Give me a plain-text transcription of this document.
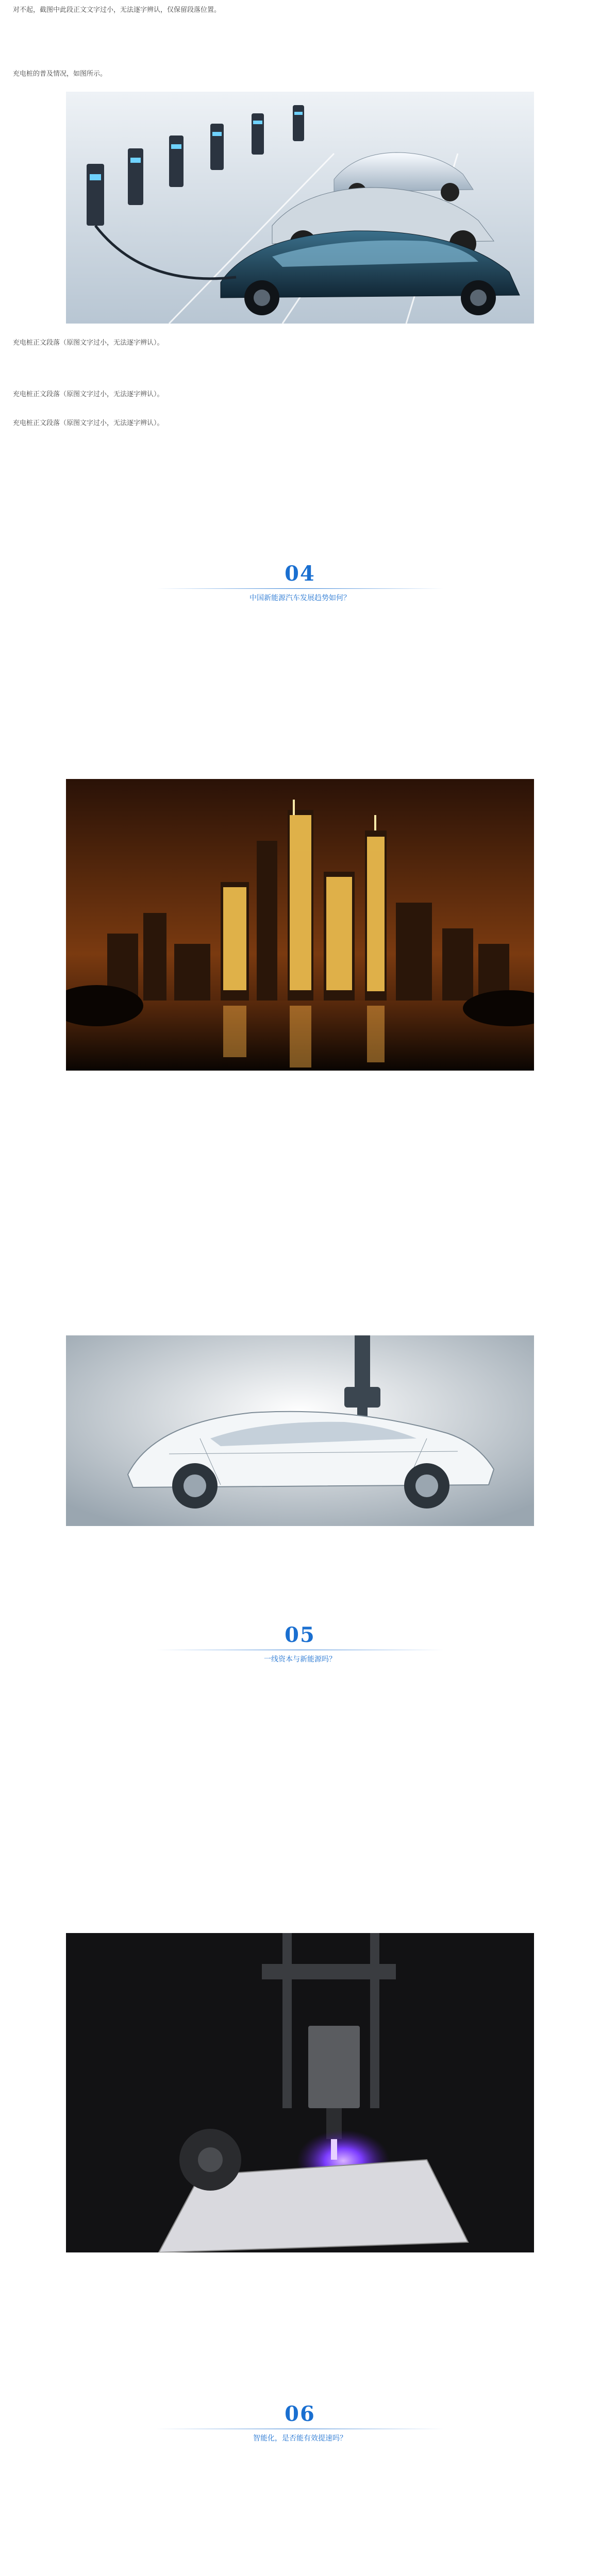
对不起，截图中此段正文文字过小，无法逐字辨认，仅保留段落位置。
充电桩的普及情况，如图所示。
充电桩正文段落（原图文字过小，无法逐字辨认）。
充电桩正文段落（原图文字过小，无法逐字辨认）。
充电桩正文段落（原图文字过小，无法逐字辨认）。
04
中国新能源汽车发展趋势如何？
05
一线资本与新能源吗？
06
智能化，是否能有效提速吗？
